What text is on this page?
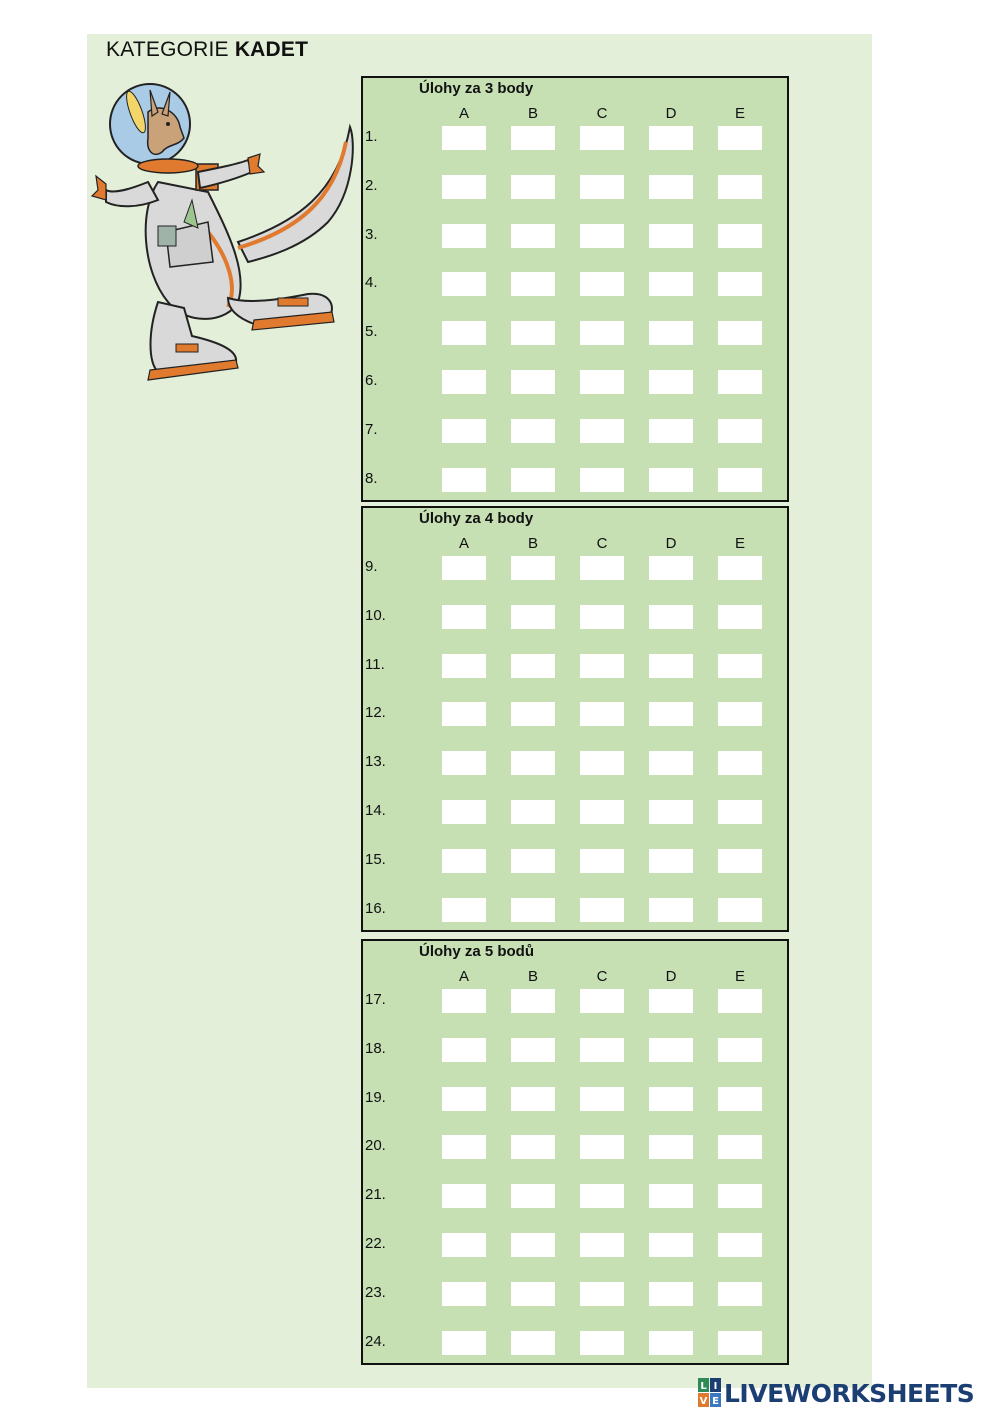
KATEGORIE KADET
Úlohy za 3 body
A	B	C	D	E
1.
2.
3.
4.
5.
6.
7.
8.
Úlohy za 4 body
A	B	C	D	E
9.
10.
11.
12.
13.
14.
15.
16.
Úlohy za 5 bodů
A	B	C	D	E
17.
18.
19.
20.
21.
22.
23.
24.
L I
V E LIVEWORKSHEETS
